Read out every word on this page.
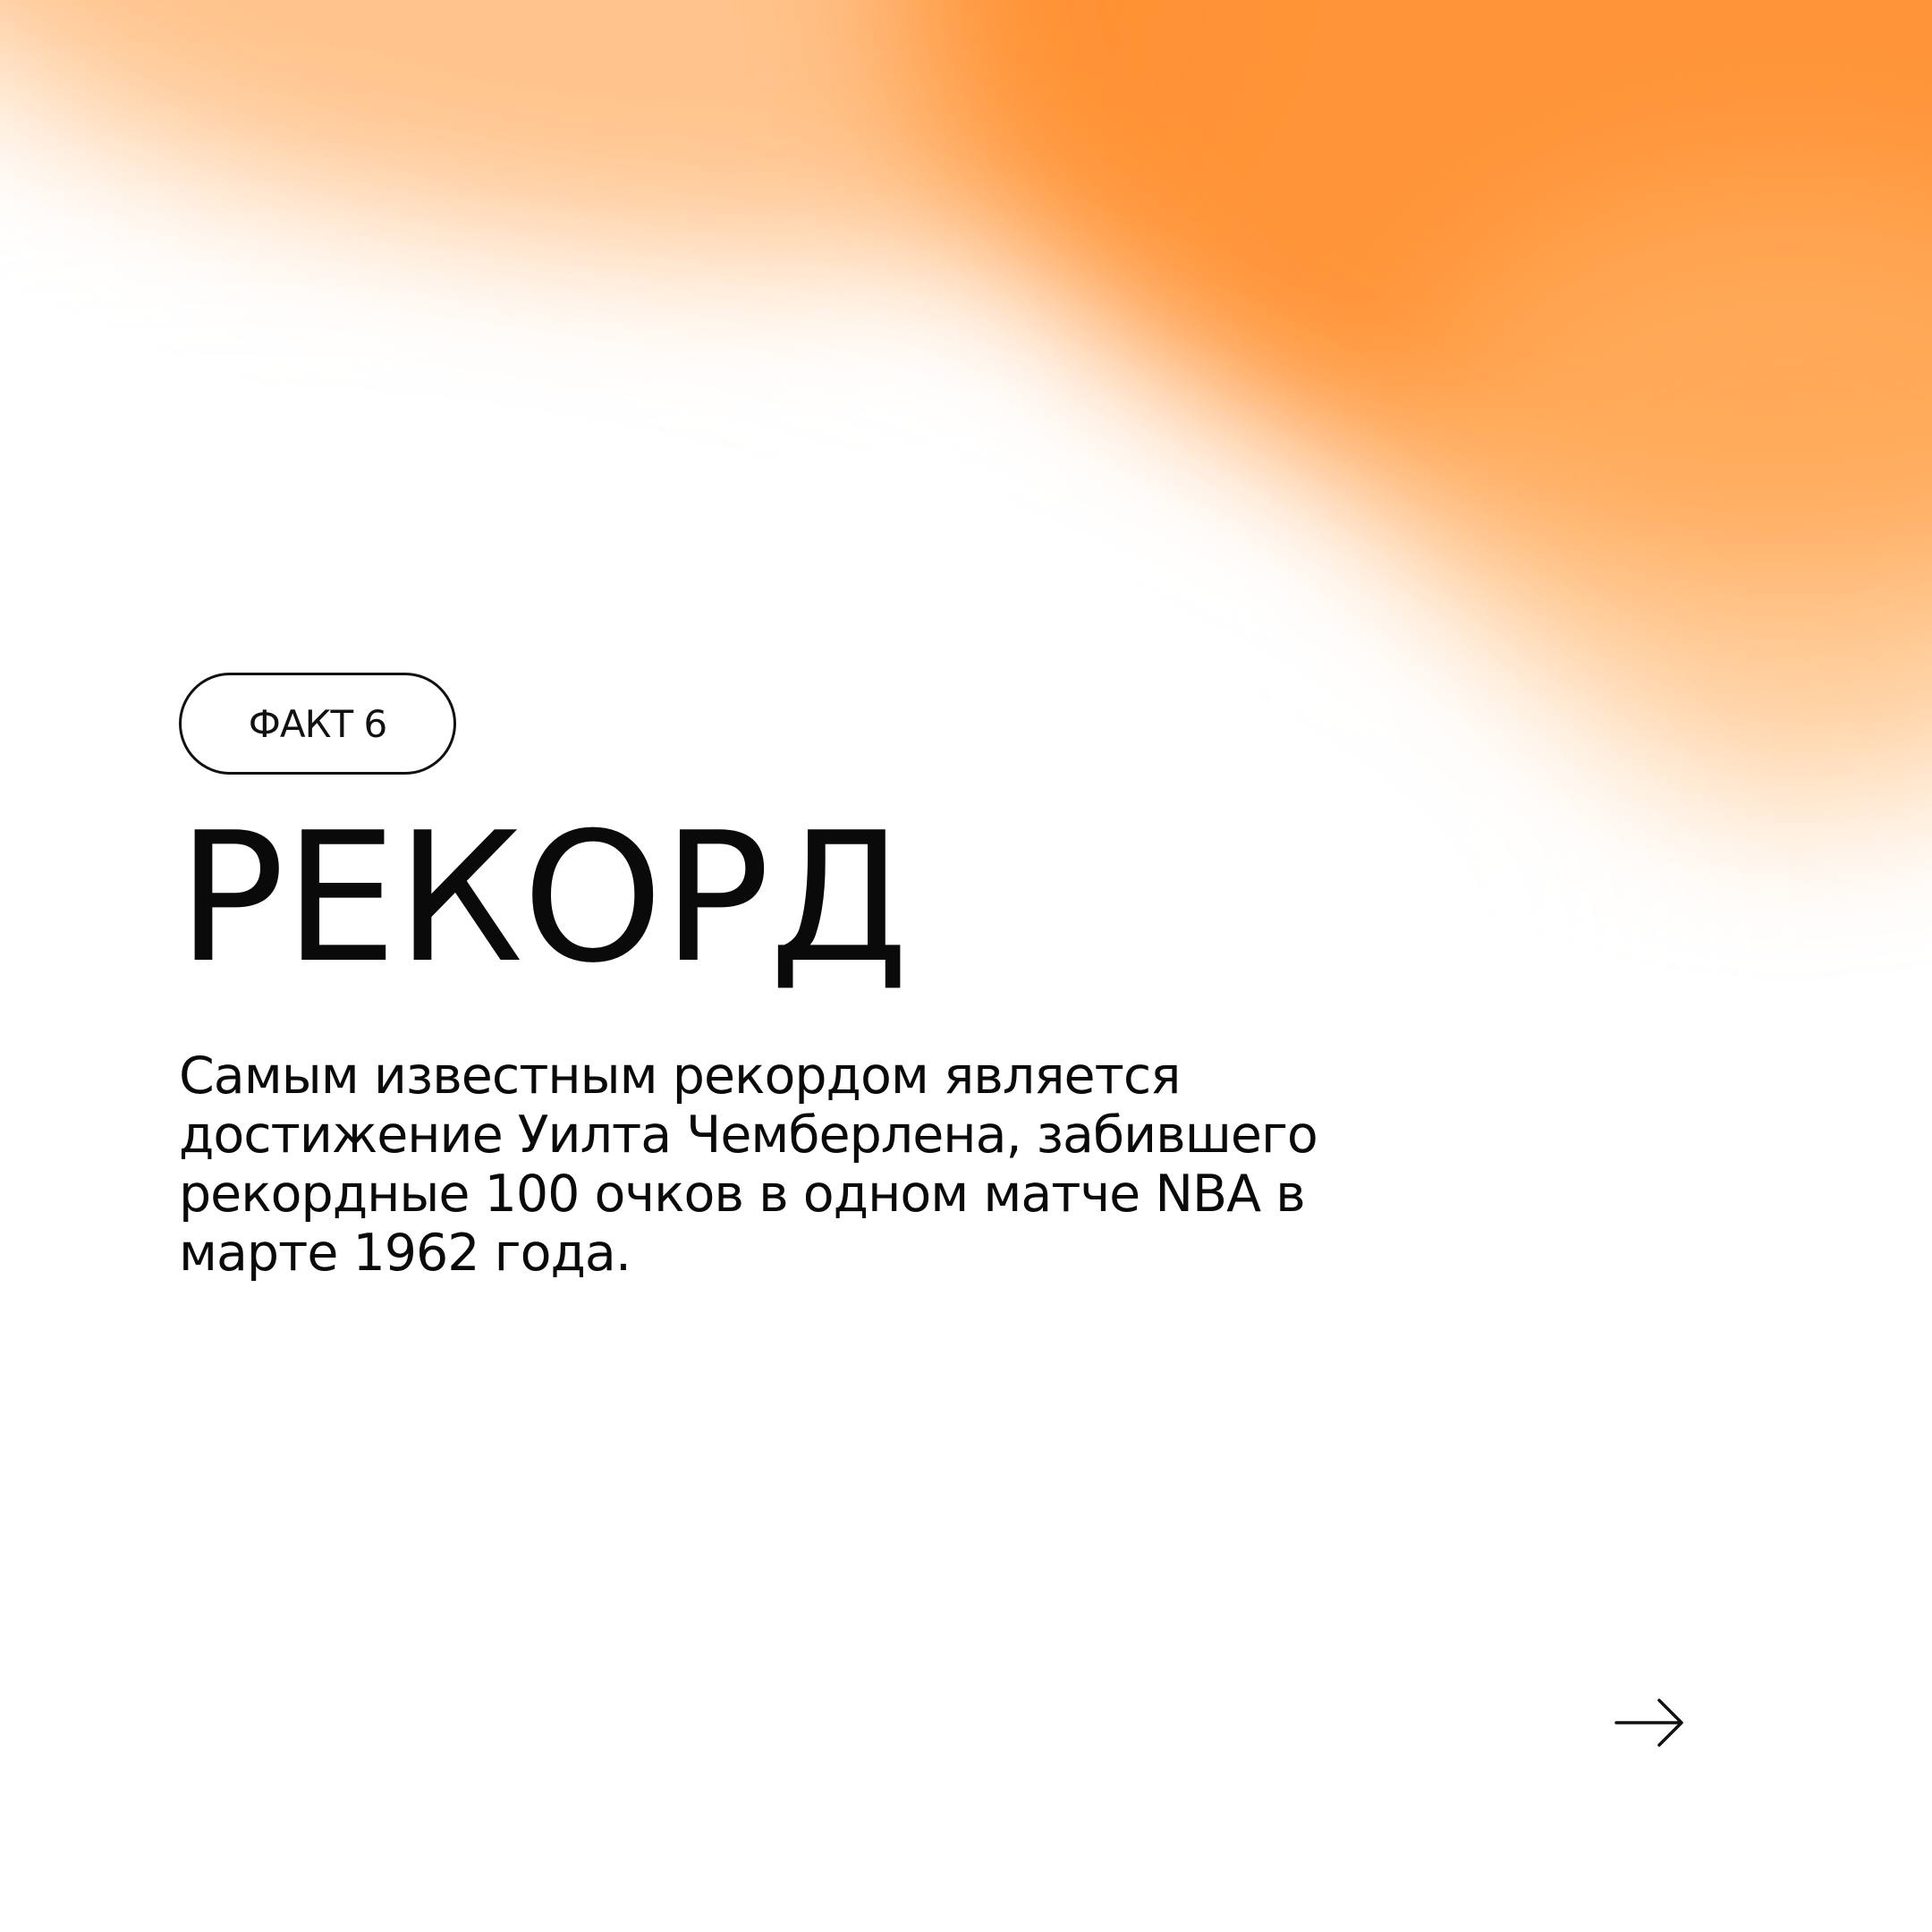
ФАКТ 6
РЕКОРД
Самым известным рекордом является
достижение Уилта Чемберлена, забившего
рекордные 100 очков в одном матче NBA в
марте 1962 года.
